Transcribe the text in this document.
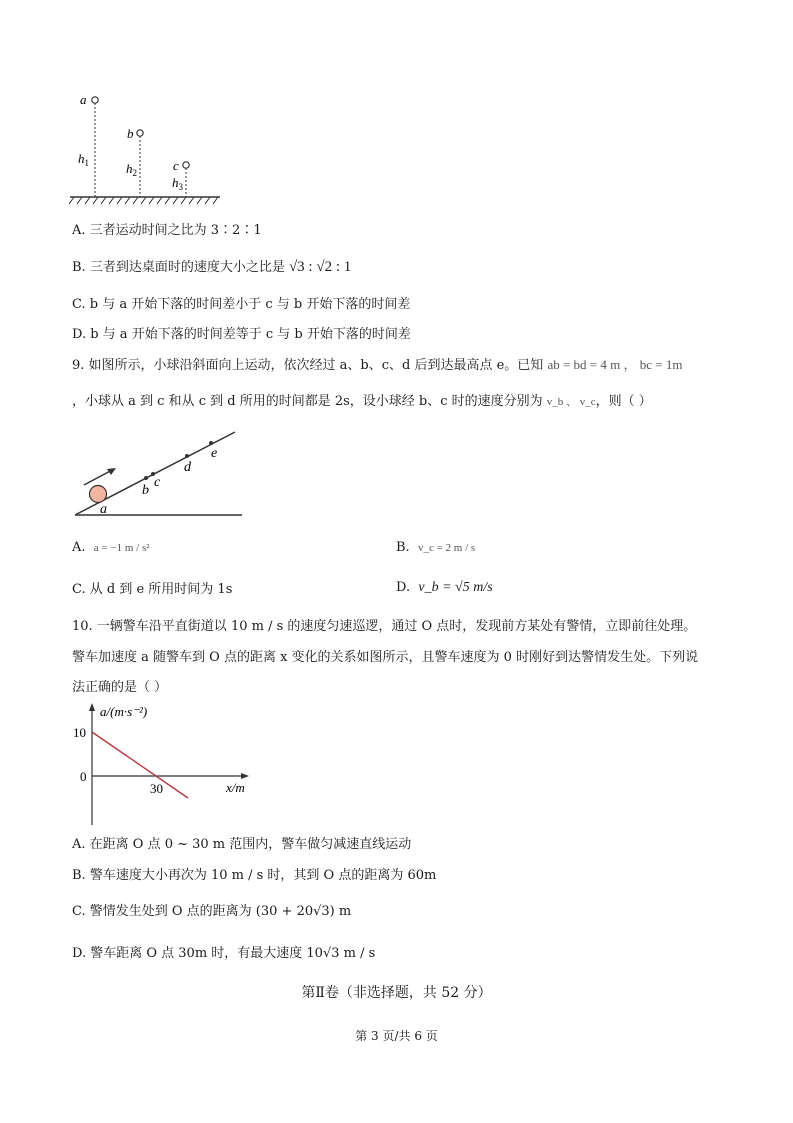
a
b
c
$h_1$	$h_2$
$h_3$
A. 三者运动时间之比为 3∶2∶1
B. 三者到达桌面时的速度大小之比是 √3 : √2 : 1
C. b 与 a 开始下落的时间差小于 c 与 b 开始下落的时间差
D. b 与 a 开始下落的时间差等于 c 与 b 开始下落的时间差
9. 如图所示，小球沿斜面向上运动，依次经过 a、b、c、d 后到达最高点 e。已知 ab = bd = 4 m ， bc = 1m
，小球从 a 到 c 和从 c 到 d 所用的时间都是 2s，设小球经 b、c 时的速度分别为 v_b 、 v_c，则（ ）
a
b
c
d
e
A. a = −1 m / s²	B. v_c = 2 m / s
C. 从 d 到 e 所用时间为 1s	D. v_b = √5 m/s
10. 一辆警车沿平直街道以 10 m / s 的速度匀速巡逻，通过 O 点时，发现前方某处有警情，立即前往处理。
警车加速度 a 随警车到 O 点的距离 x 变化的关系如图所示，且警车速度为 0 时刚好到达警情发生处。下列说
法正确的是（ ）
a/(m·s⁻²)
x/m
10
0
30
A. 在距离 O 点 0 ~ 30 m 范围内，警车做匀减速直线运动
B. 警车速度大小再次为 10 m / s 时，其到 O 点的距离为 60m
C. 警情发生处到 O 点的距离为 (30 + 20√3) m
D. 警车距离 O 点 30m 时，有最大速度 10√3 m / s
第Ⅱ卷（非选择题，共 52 分）
第 3 页/共 6 页
